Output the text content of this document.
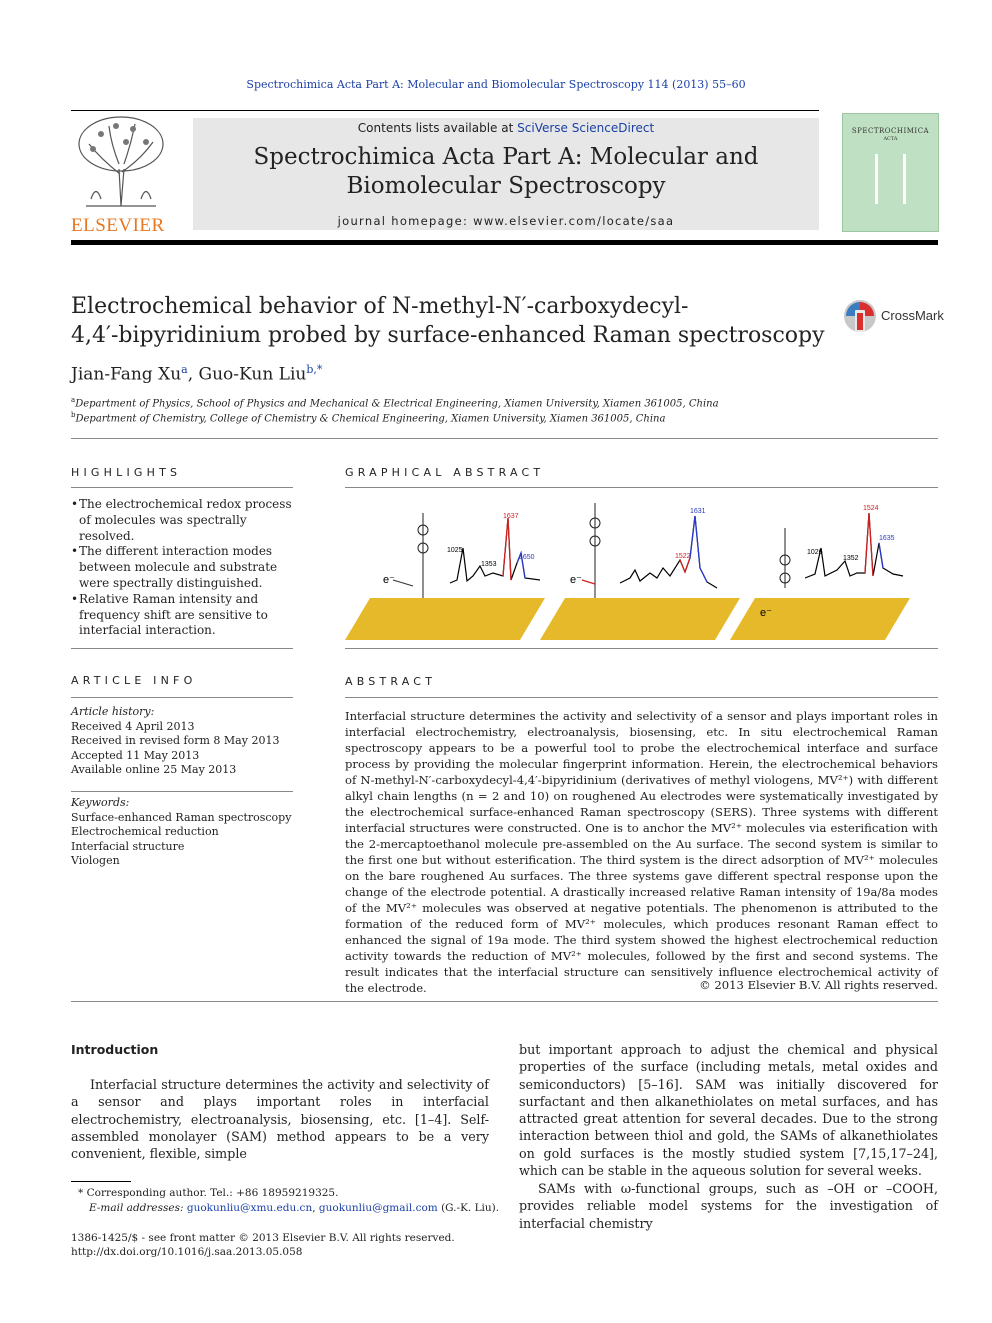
Spectrochimica Acta Part A: Molecular and Biomolecular Spectroscopy 114 (2013) 55–60
ELSEVIER
Contents lists available at SciVerse ScienceDirect
Spectrochimica Acta Part A: Molecular and
Biomolecular Spectroscopy
journal homepage: www.elsevier.com/locate/saa
SPECTROCHIMICA
ACTA
Electrochemical behavior of N-methyl-N′-carboxydecyl-
4,4′-bipyridinium probed by surface-enhanced Raman spectroscopy
CrossMark
Jian-Fang Xu$^a$, Guo-Kun Liu$^{b,*}$
$^a$Department of Physics, School of Physics and Mechanical & Electrical Engineering, Xiamen University, Xiamen 361005, China
$^b$Department of Chemistry, College of Chemistry & Chemical Engineering, Xiamen University, Xiamen 361005, China
HIGHLIGHTS
• The electrochemical redox process of molecules was spectrally resolved.
• The different interaction modes between molecule and substrate were spectrally distinguished.
• Relative Raman intensity and frequency shift are sensitive to interfacial interaction.
GRAPHICAL ABSTRACT
1025
1353
1637
1650
1631
1522
1026
1352
1524
1635
e⁻	e⁻
e⁻
ARTICLE INFO
Article history:
Received 4 April 2013
Received in revised form 8 May 2013
Accepted 11 May 2013
Available online 25 May 2013
Keywords:
Surface-enhanced Raman spectroscopy
Electrochemical reduction
Interfacial structure
Viologen
ABSTRACT
Interfacial structure determines the activity and selectivity of a sensor and plays important roles in interfacial electrochemistry, electroanalysis, biosensing, etc. In situ electrochemical Raman spectroscopy appears to be a powerful tool to probe the electrochemical interface and surface process by providing the molecular fingerprint information. Herein, the electrochemical behaviors of N-methyl-N′-carboxydecyl-4,4′-bipyridinium (derivatives of methyl viologens, MV²⁺) with different alkyl chain lengths (n = 2 and 10) on roughened Au electrodes were systematically investigated by the electrochemical surface-enhanced Raman spectroscopy (SERS). Three systems with different interfacial structures were constructed. One is to anchor the MV²⁺ molecules via esterification with the 2-mercaptoethanol molecule pre-assembled on the Au surface. The second system is similar to the first one but without esterification. The third system is the direct adsorption of MV²⁺ molecules on the bare roughened Au surfaces. The three systems gave different spectral response upon the change of the electrode potential. A drastically increased relative Raman intensity of 19a/8a modes of the MV²⁺ molecules was observed at negative potentials. The phenomenon is attributed to the formation of the reduced form of MV²⁺ molecules, which produces resonant Raman effect to enhanced the signal of 19a mode. The third system showed the highest electrochemical reduction activity towards the reduction of MV²⁺ molecules, followed by the first and second systems. The result indicates that the interfacial structure can sensitively influence electrochemical activity of the electrode.	© 2013 Elsevier B.V. All rights reserved.
Introduction
Interfacial structure determines the activity and selectivity of a sensor and plays important roles in interfacial electrochemistry, electroanalysis, biosensing, etc. [1–4]. Self-assembled monolayer (SAM) method appears to be a very convenient, flexible, simple
but important approach to adjust the chemical and physical properties of the surface (including metals, metal oxides and semiconductors) [5–16]. SAM was initially discovered for surfactant and then alkanethiolates on metal surfaces, and has attracted great attention for several decades. Due to the strong interaction between thiol and gold, the SAMs of alkanethiolates on gold surfaces is the mostly studied system [7,15,17–24], which can be stable in the aqueous solution for several weeks.
SAMs with ω-functional groups, such as –OH or –COOH, provides reliable model systems for the investigation of interfacial chemistry
* Corresponding author. Tel.: +86 18959219325.
E-mail addresses: guokunliu@xmu.edu.cn, guokunliu@gmail.com (G.-K. Liu).
1386-1425/$ - see front matter © 2013 Elsevier B.V. All rights reserved.
http://dx.doi.org/10.1016/j.saa.2013.05.058
